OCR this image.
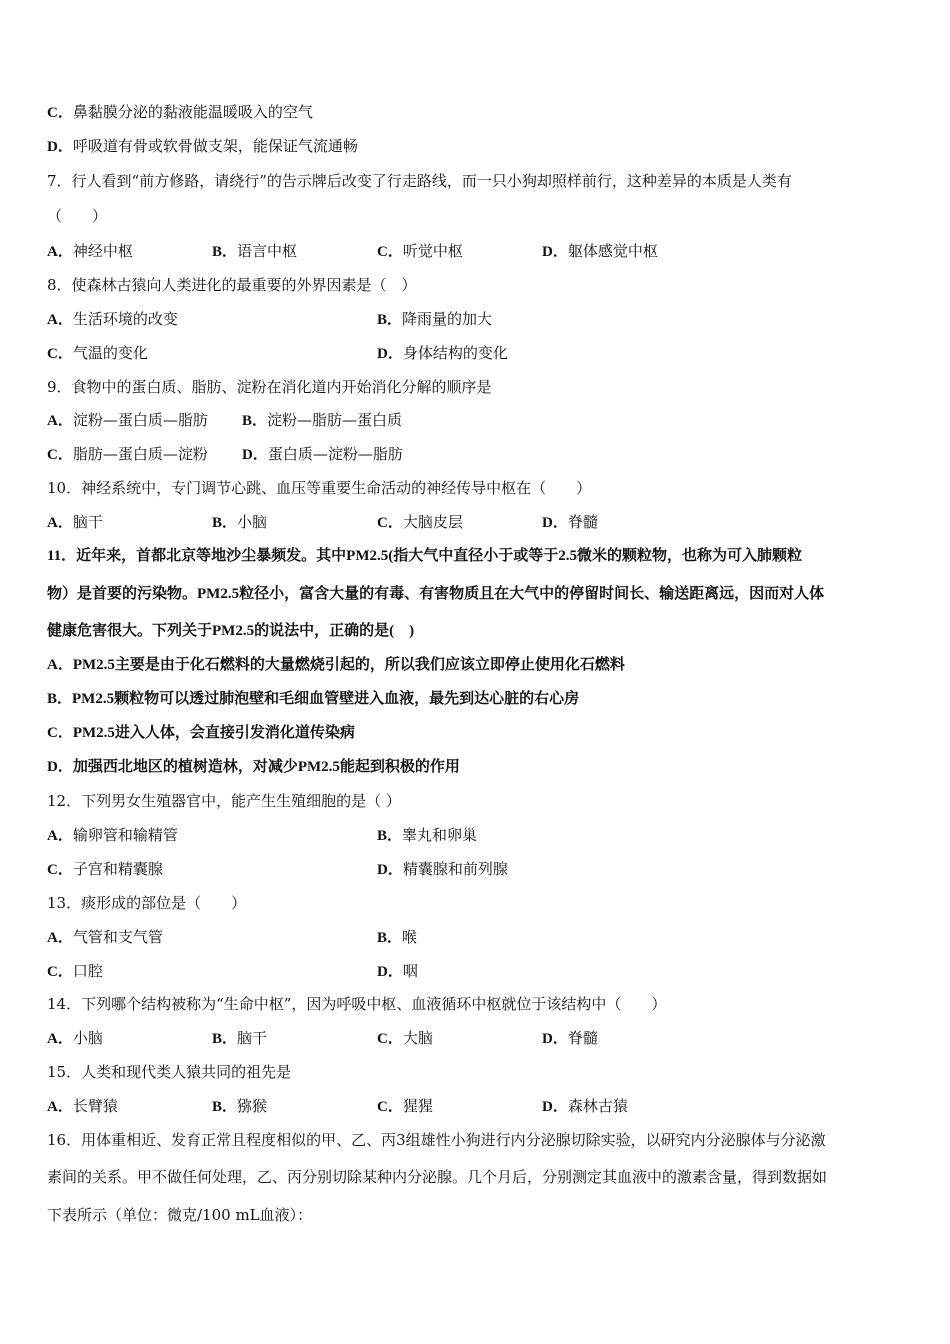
C．鼻黏膜分泌的黏液能温暖吸入的空气
D．呼吸道有骨或软骨做支架，能保证气流通畅
7．行人看到“前方修路，请绕行”的告示牌后改变了行走路线，而一只小狗却照样前行，这种差异的本质是人类有
（　　）
A．神经中枢	B．语言中枢	C．听觉中枢	D．躯体感觉中枢
8．使森林古猿向人类进化的最重要的外界因素是（　）
A．生活环境的改变	B．降雨量的加大
C．气温的变化	D．身体结构的变化
9．食物中的蛋白质、脂肪、淀粉在消化道内开始消化分解的顺序是
A．淀粉—蛋白质—脂肪 B．淀粉—脂肪—蛋白质
C．脂肪—蛋白质—淀粉 D．蛋白质—淀粉—脂肪
10．神经系统中，专门调节心跳、血压等重要生命活动的神经传导中枢在（　　）
A．脑干	B．小脑	C．大脑皮层	D．脊髓
11．近年来，首都北京等地沙尘暴频发。其中PM2.5(指大气中直径小于或等于2.5微米的颗粒物，也称为可入肺颗粒
物）是首要的污染物。PM2.5粒径小，富含大量的有毒、有害物质且在大气中的停留时间长、输送距离远，因而对人体
健康危害很大。下列关于PM2.5的说法中，正确的是(　)
A．PM2.5主要是由于化石燃料的大量燃烧引起的，所以我们应该立即停止使用化石燃料
B．PM2.5颗粒物可以透过肺泡壁和毛细血管壁进入血液，最先到达心脏的右心房
C．PM2.5进入人体，会直接引发消化道传染病
D．加强西北地区的植树造林，对减少PM2.5能起到积极的作用
12．下列男女生殖器官中，能产生生殖细胞的是（ ）
A．输卵管和输精管	B．睾丸和卵巢
C．子宫和精囊腺	D．精囊腺和前列腺
13．痰形成的部位是（　　）
A．气管和支气管	B．喉
C．口腔	D．咽
14．下列哪个结构被称为“生命中枢”，因为呼吸中枢、血液循环中枢就位于该结构中（　　）
A．小脑	B．脑干	C．大脑	D．脊髓
15．人类和现代类人猿共同的祖先是
A．长臂猿	B．猕猴	C．猩猩	D．森林古猿
16．用体重相近、发育正常且程度相似的甲、乙、丙3组雄性小狗进行内分泌腺切除实验，以研究内分泌腺体与分泌激
素间的关系。甲不做任何处理，乙、丙分别切除某种内分泌腺。几个月后，分别测定其血液中的激素含量，得到数据如
下表所示（单位：微克/100 mL血液）：
